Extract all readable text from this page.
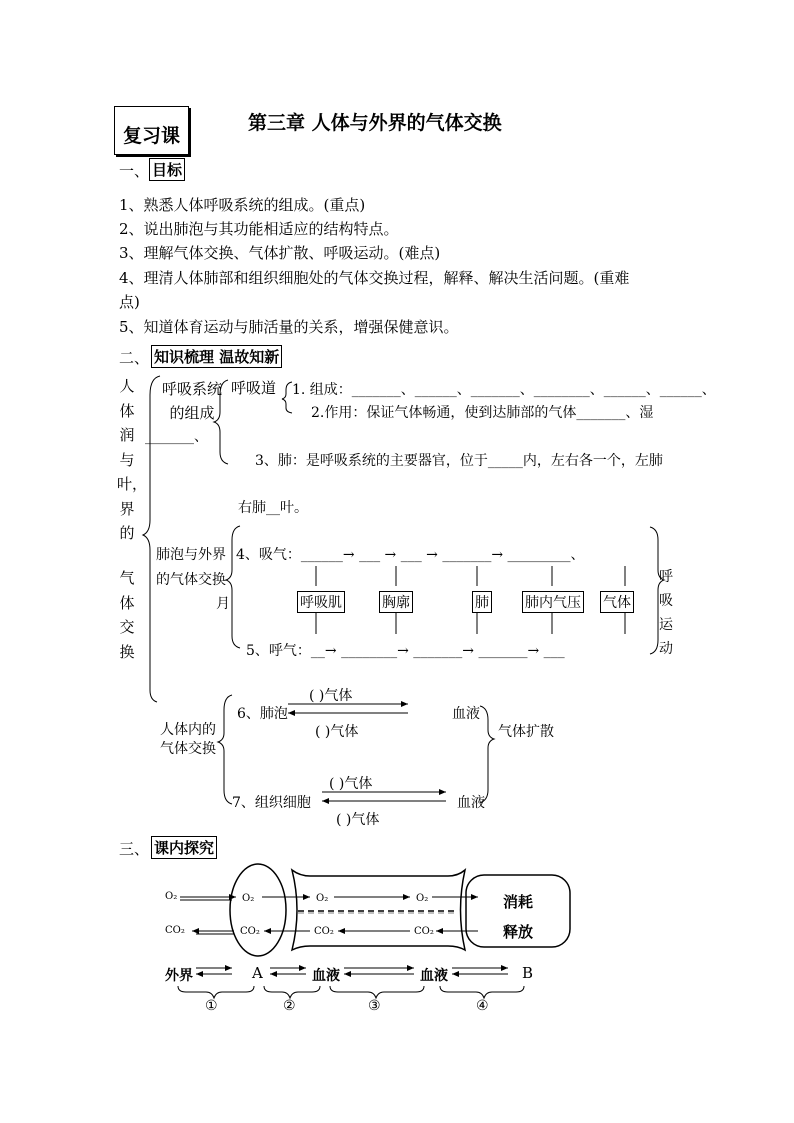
复习课
第三章 人体与外界的气体交换
一、 目标
1、熟悉人体呼吸系统的组成。(重点)
2、说出肺泡与其功能相适应的结构特点。
3、理解气体交换、气体扩散、呼吸运动。(难点)
4、理清人体肺部和组织细胞处的气体交换过程，解释、解决生活问题。(重难
点)
5、知道体育运动与肺活量的关系，增强保健意识。
二、 知识梳理 温故知新
人体润与叶，界的
气体交换
呼吸系统的组成
呼吸道 1. 组成：_______、______、_______、________、______、______、
2.作用：保证气体畅通，使到达肺部的气体_______、湿
_______、
3、肺：是呼吸系统的主要器官，位于_____内，左右各一个，左肺
右肺__叶。
肺泡与外界的气体交换
月
4、吸气：______→ ___ → ___ → _______→ _________、
呼吸肌	胸廓	肺	肺内气压 气体
5、呼气：__→ ________→ _______→ _______→ ___
呼吸运动
人体内的气体交换
6、肺泡
( )气体
( )气体
血液
气体扩散
7、组织细胞
( )气体
( )气体
血液
三、 课内探究
O₂
CO₂
O₂
CO₂
O₂
CO₂
O₂
CO₂
消耗
释放
外界	A	血液	血液	B
①	②	③	④
